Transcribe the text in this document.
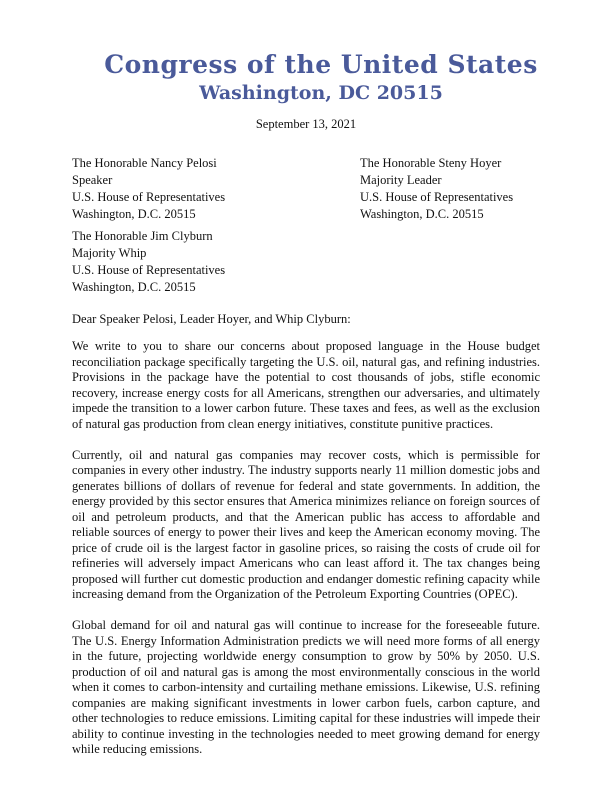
Congress of the United States
Washington, DC 20515
September 13, 2021
The Honorable Nancy Pelosi
Speaker
U.S. House of Representatives
Washington, D.C. 20515
The Honorable Steny Hoyer
Majority Leader
U.S. House of Representatives
Washington, D.C. 20515
The Honorable Jim Clyburn
Majority Whip
U.S. House of Representatives
Washington, D.C. 20515
Dear Speaker Pelosi, Leader Hoyer, and Whip Clyburn:

We write to you to share our concerns about proposed language in the House budget reconciliation package specifically targeting the U.S. oil, natural gas, and refining industries. Provisions in the package have the potential to cost thousands of jobs, stifle economic recovery, increase energy costs for all Americans, strengthen our adversaries, and ultimately impede the transition to a lower carbon future. These taxes and fees, as well as the exclusion of natural gas production from clean energy initiatives, constitute punitive practices.

Currently, oil and natural gas companies may recover costs, which is permissible for companies in every other industry. The industry supports nearly 11 million domestic jobs and generates billions of dollars of revenue for federal and state governments. In addition, the energy provided by this sector ensures that America minimizes reliance on foreign sources of oil and petroleum products, and that the American public has access to affordable and reliable sources of energy to power their lives and keep the American economy moving. The price of crude oil is the largest factor in gasoline prices, so raising the costs of crude oil for refineries will adversely impact Americans who can least afford it. The tax changes being proposed will further cut domestic production and endanger domestic refining capacity while increasing demand from the Organization of the Petroleum Exporting Countries (OPEC).

Global demand for oil and natural gas will continue to increase for the foreseeable future. The U.S. Energy Information Administration predicts we will need more forms of all energy in the future, projecting worldwide energy consumption to grow by 50% by 2050. U.S. production of oil and natural gas is among the most environmentally conscious in the world when it comes to carbon-intensity and curtailing methane emissions. Likewise, U.S. refining companies are making significant investments in lower carbon fuels, carbon capture, and other technologies to reduce emissions. Limiting capital for these industries will impede their ability to continue investing in the technologies needed to meet growing demand for energy while reducing emissions.
